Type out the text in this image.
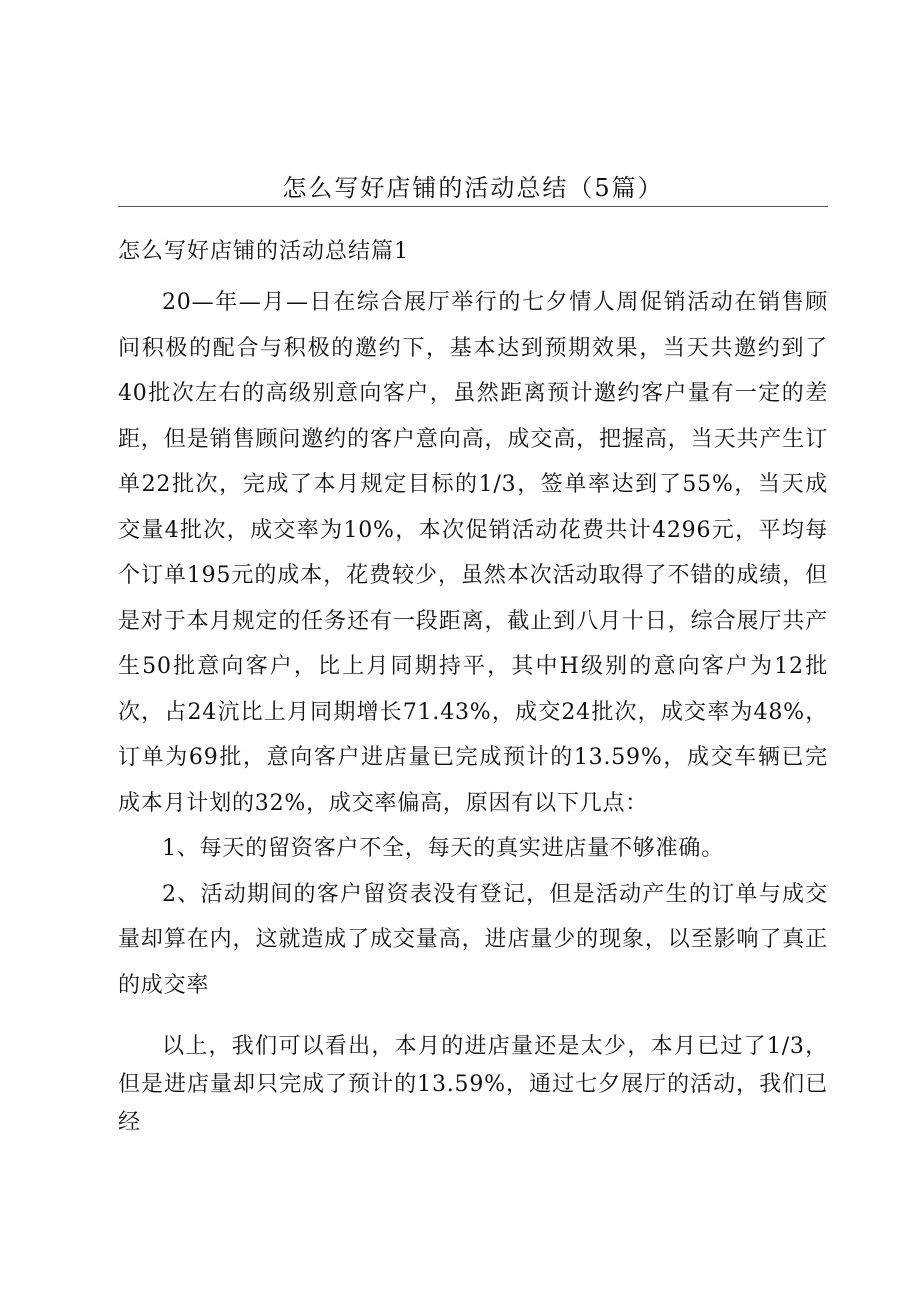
怎么写好店铺的活动总结（5篇）
怎么写好店铺的活动总结篇1

20—年—月—日在综合展厅举行的七夕情人周促销活动在销售顾问积极的配合与积极的邀约下，基本达到预期效果，当天共邀约到了40批次左右的高级别意向客户，虽然距离预计邀约客户量有一定的差距，但是销售顾问邀约的客户意向高，成交高，把握高，当天共产生订单22批次，完成了本月规定目标的1/3，签单率达到了55%，当天成交量4批次，成交率为10%，本次促销活动花费共计4296元，平均每个订单195元的成本，花费较少，虽然本次活动取得了不错的成绩，但是对于本月规定的任务还有一段距离，截止到八月十日，综合展厅共产生50批意向客户，比上月同期持平，其中H级别的意向客户为12批次，占24沆比上月同期增长71.43%，成交24批次，成交率为48%，订单为69批，意向客户进店量已完成预计的13.59%，成交车辆已完成本月计划的32%，成交率偏高，原因有以下几点：

1、每天的留资客户不全，每天的真实进店量不够准确。

2、活动期间的客户留资表没有登记，但是活动产生的订单与成交量却算在内，这就造成了成交量高，进店量少的现象，以至影响了真正的成交率

以上，我们可以看出，本月的进店量还是太少，本月已过了1/3，但是进店量却只完成了预计的13.59%，通过七夕展厅的活动，我们已经
